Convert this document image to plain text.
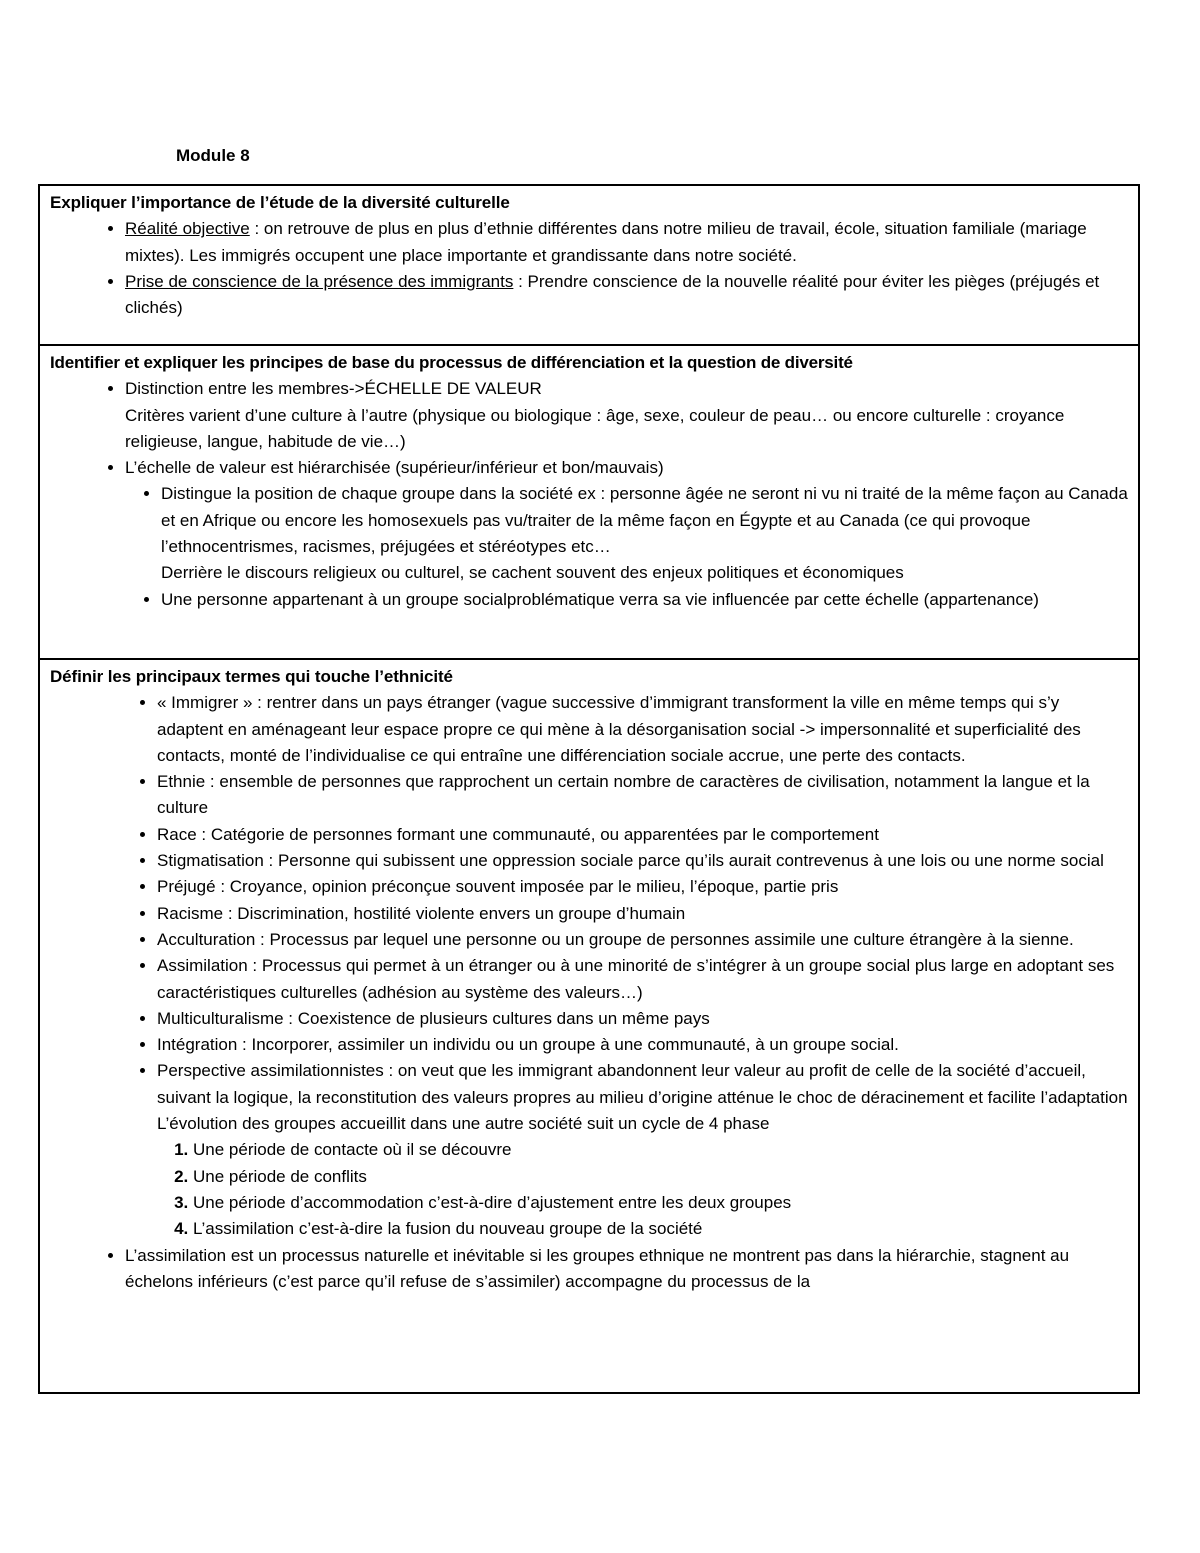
Module 8
Expliquer l’importance de l’étude de la diversité culturelle
• Réalité objective : on retrouve de plus en plus d’ethnie différentes dans notre milieu de travail, école, situation familiale (mariage mixtes). Les immigrés occupent une place importante et grandissante dans notre société.
• Prise de conscience de la présence des immigrants : Prendre conscience de la nouvelle réalité pour éviter les pièges (préjugés et clichés)

Identifier et expliquer les principes de base du processus de différenciation et la question de diversité
• Distinction entre les membres->ÉCHELLE DE VALEUR
Critères varient d’une culture à l’autre (physique ou biologique : âge, sexe, couleur de peau… ou encore culturelle : croyance religieuse, langue, habitude de vie…)
• L’échelle de valeur est hiérarchisée (supérieur/inférieur et bon/mauvais)
• Distingue la position de chaque groupe dans la société ex : personne âgée ne seront ni vu ni traité de la même façon au Canada et en Afrique ou encore les homosexuels pas vu/traiter de la même façon en Égypte et au Canada (ce qui provoque l’ethnocentrismes, racismes, préjugées et stéréotypes etc…
Derrière le discours religieux ou culturel, se cachent souvent des enjeux politiques et économiques
• Une personne appartenant à un groupe socialproblématique verra sa vie influencée par cette échelle (appartenance)

Définir les principaux termes qui touche l’ethnicité
• « Immigrer » : rentrer dans un pays étranger (vague successive d’immigrant transforment la ville en même temps qui s’y adaptent en aménageant leur espace propre ce qui mène à la désorganisation social -> impersonnalité et superficialité des contacts, monté de l’individualise ce qui entraîne une différenciation sociale accrue, une perte des contacts.
• Ethnie : ensemble de personnes que rapprochent un certain nombre de caractères de civilisation, notamment la langue et la culture
• Race : Catégorie de personnes formant une communauté, ou apparentées par le comportement
• Stigmatisation : Personne qui subissent une oppression sociale parce qu’ils aurait contrevenus à une lois ou une norme social
• Préjugé : Croyance, opinion préconçue souvent imposée par le milieu, l’époque, partie pris
• Racisme : Discrimination, hostilité violente envers un groupe d’humain
• Acculturation : Processus par lequel une personne ou un groupe de personnes assimile une culture étrangère à la sienne.
• Assimilation : Processus qui permet à un étranger ou à une minorité de s’intégrer à un groupe social plus large en adoptant ses caractéristiques culturelles (adhésion au système des valeurs…)
• Multiculturalisme : Coexistence de plusieurs cultures dans un même pays
• Intégration : Incorporer, assimiler un individu ou un groupe à une communauté, à un groupe social.
• Perspective assimilationnistes : on veut que les immigrant abandonnent leur valeur au profit de celle de la société d’accueil, suivant la logique, la reconstitution des valeurs propres au milieu d’origine atténue le choc de déracinement et facilite l’adaptation
L’évolution des groupes accueillit dans une autre société suit un cycle de 4 phase
1. Une période de contacte où il se découvre
2. Une période de conflits
3. Une période d’accommodation c’est-à-dire d’ajustement entre les deux groupes
4. L’assimilation c’est-à-dire la fusion du nouveau groupe de la société
• L’assimilation est un processus naturelle et inévitable si les groupes ethnique ne montrent pas dans la hiérarchie, stagnent au échelons inférieurs (c’est parce qu’il refuse de s’assimiler) accompagne du processus de la
